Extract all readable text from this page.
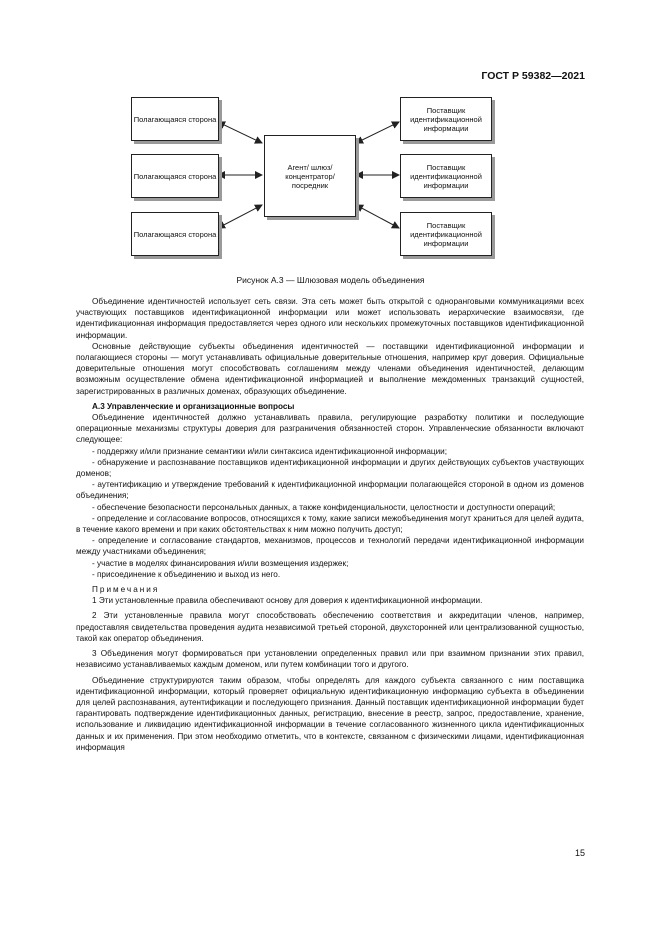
ГОСТ Р 59382—2021
Полагающаяся сторона
Полагающаяся сторона
Полагающаяся сторона
Агент/ шлюз/ концентратор/ посредник
Поставщик идентификационной информации
Поставщик идентификационной информации
Поставщик идентификационной информации
Рисунок А.3 — Шлюзовая модель объединения

Объединение идентичностей использует сеть связи. Эта сеть может быть открытой с одноранговыми коммуникациями всех участвующих поставщиков идентификационной информации или может использовать иерархические взаимосвязи, где идентификационная информация предоставляется через одного или нескольких промежуточных поставщиков идентификационной информации.

Основные действующие субъекты объединения идентичностей — поставщики идентификационной информации и полагающиеся стороны — могут устанавливать официальные доверительные отношения, например круг доверия. Официальные доверительные отношения могут способствовать соглашениям между членами объединения идентичностей, делающим возможным осуществление обмена идентификационной информацией и выполнение междоменных транзакций сущностей, зарегистрированных в различных доменах, образующих объединение.

А.3 Управленческие и организационные вопросы

Объединение идентичностей должно устанавливать правила, регулирующие разработку политики и последующие операционные механизмы структуры доверия для разграничения обязанностей сторон. Управленческие обязанности включают следующее:

- поддержку и/или признание семантики и/или синтаксиса идентификационной информации;

- обнаружение и распознавание поставщиков идентификационной информации и других действующих субъектов участвующих доменов;

- аутентификацию и утверждение требований к идентификационной информации полагающейся стороной в одном из доменов объединения;

- обеспечение безопасности персональных данных, а также конфиденциальности, целостности и доступности операций;

- определение и согласование вопросов, относящихся к тому, какие записи межобъединения могут храниться для целей аудита, в течение какого времени и при каких обстоятельствах к ним можно получить доступ;

- определение и согласование стандартов, механизмов, процессов и технологий передачи идентификационной информации между участниками объединения;

- участие в моделях финансирования и/или возмещения издержек;

- присоединение к объединению и выход из него.

Примечания

1 Эти установленные правила обеспечивают основу для доверия к идентификационной информации.

2 Эти установленные правила могут способствовать обеспечению соответствия и аккредитации членов, например, предоставляя свидетельства проведения аудита независимой третьей стороной, двухсторонней или централизованной сущностью, такой как оператор объединения.

3 Объединения могут формироваться при установлении определенных правил или при взаимном признании этих правил, независимо устанавливаемых каждым доменом, или путем комбинации того и другого.

Объединение структурируются таким образом, чтобы определять для каждого субъекта связанного с ним поставщика идентификационной информации, который проверяет официальную идентификационную информацию субъекта в объединении для целей распознавания, аутентификации и последующего признания. Данный поставщик идентификационной информации будет гарантировать подтверждение идентификационных данных, регистрацию, внесение в реестр, запрос, предоставление, хранение, использование и ликвидацию идентификационной информации в течение согласованного жизненного цикла идентификационных данных и их применения. При этом необходимо отметить, что в контексте, связанном с физическими лицами, идентификационная информация

15
